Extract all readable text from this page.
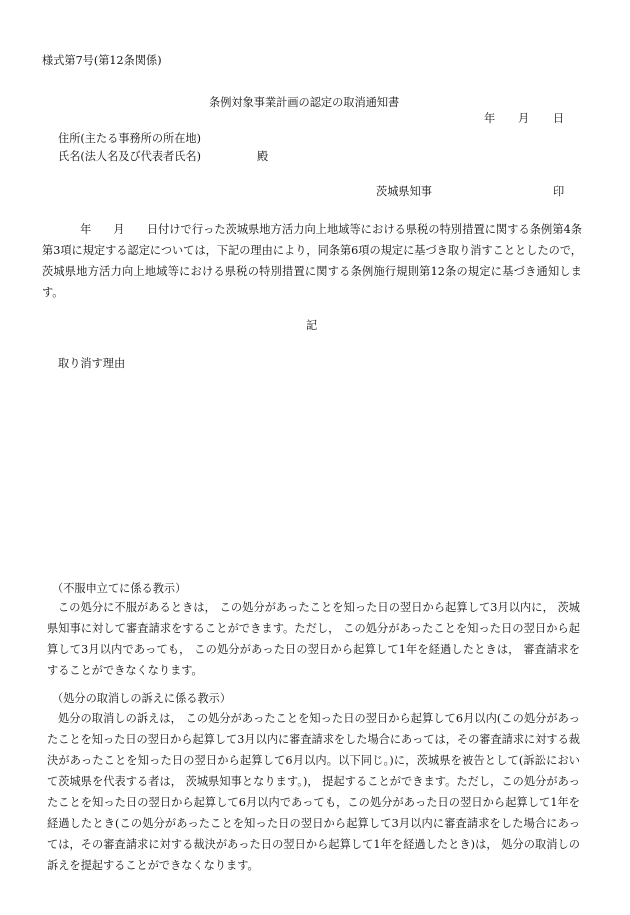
様式第7号(第12条関係)
条例対象事業計画の認定の取消通知書
年 月 日
住所(主たる事務所の所在地)
氏名(法人名及び代表者氏名)	殿
茨城県知事	印
年 月 日付けで行った茨城県地方活力向上地域等における県税の特別措置に関する条例第4条第3項に規定する認定については，下記の理由により，同条第6項の規定に基づき取り消すこととしたので，茨城県地方活力向上地域等における県税の特別措置に関する条例施行規則第12条の規定に基づき通知します。
記
取り消す理由
（不服申立てに係る教示）
この処分に不服があるときは， この処分があったことを知った日の翌日から起算して3月以内に， 茨城県知事に対して審査請求をすることができます。ただし， この処分があったことを知った日の翌日から起算して3月以内であっても， この処分があった日の翌日から起算して1年を経過したときは， 審査請求をすることができなくなります。
（処分の取消しの訴えに係る教示）
処分の取消しの訴えは， この処分があったことを知った日の翌日から起算して6月以内(この処分があったことを知った日の翌日から起算して3月以内に審査請求をした場合にあっては，その審査請求に対する裁決があったことを知った日の翌日から起算して6月以内。以下同じ。)に，茨城県を被告として(訴訟において茨城県を代表する者は， 茨城県知事となります。)， 提起することができます。ただし，この処分があったことを知った日の翌日から起算して6月以内であっても，この処分があった日の翌日から起算して1年を経過したとき(この処分があったことを知った日の翌日から起算して3月以内に審査請求をした場合にあっては，その審査請求に対する裁決があった日の翌日から起算して1年を経過したとき)は， 処分の取消しの訴えを提起することができなくなります。
